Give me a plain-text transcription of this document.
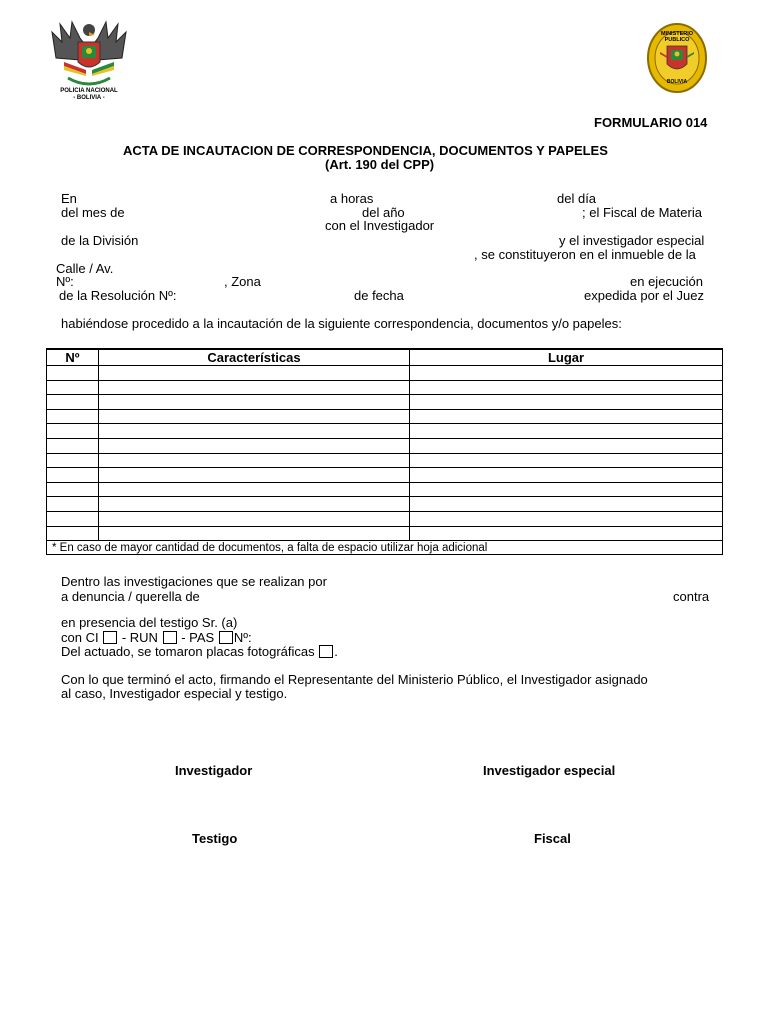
POLICIA NACIONAL
- BOLIVIA -
MINISTERIO
PUBLICO
BOLIVIA
FORMULARIO 014
ACTA DE INCAUTACION DE CORRESPONDENCIA, DOCUMENTOS Y PAPELES
(Art. 190 del CPP)
En	a horas	del día
del mes de	del año	; el Fiscal de Materia
con el Investigador
de la División	y el investigador especial
, se constituyeron en el inmueble de la
Calle / Av.
Nº:	, Zona	en ejecución
de la Resolución Nº:	de fecha	expedida por el Juez
habiéndose procedido a la incautación de la siguiente correspondencia, documentos y/o papeles:
Nº	Características	Lugar

* En caso de mayor cantidad de documentos, a falta de espacio utilizar hoja adicional		
Dentro las investigaciones que se realizan por
a denuncia / querella de	contra
en presencia del testigo Sr. (a)
con CI - RUN - PAS Nº:
Del actuado, se tomaron placas fotográficas .
Con lo que terminó el acto, firmando el Representante del Ministerio Público, el Investigador asignado
al caso, Investigador especial y testigo.
Investigador	Investigador especial
Testigo	Fiscal
